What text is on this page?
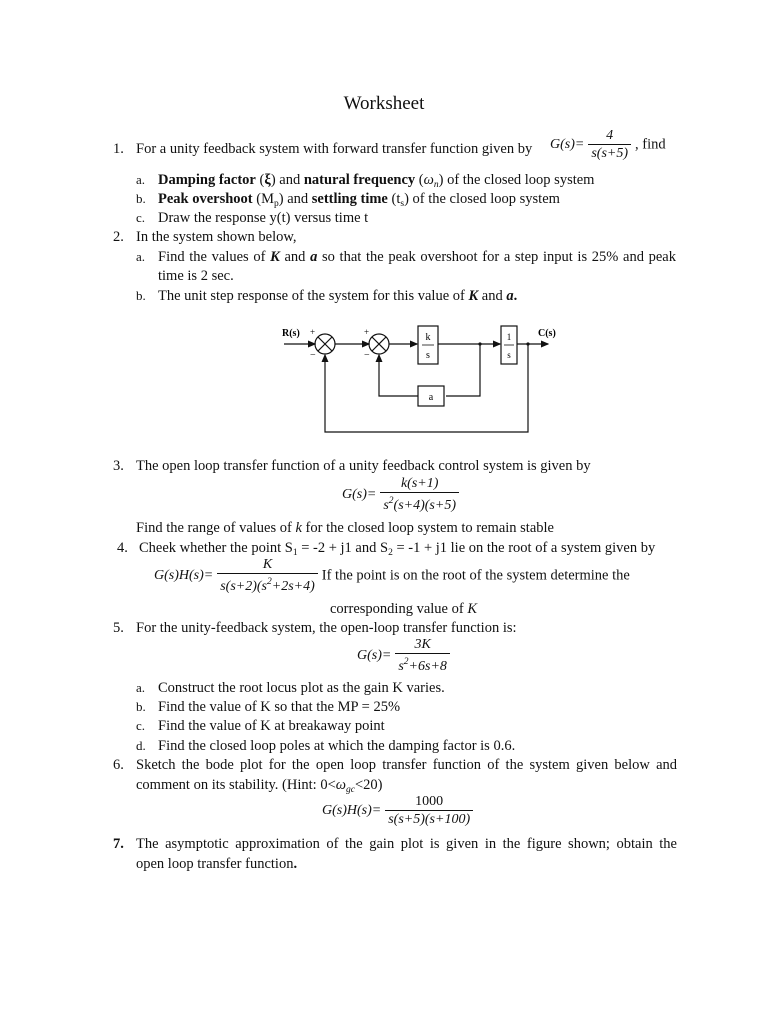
Worksheet
1. For a unity feedback system with forward transfer function given by $G(s)= \frac{4}{s(s+5)}$ , find
a. Damping factor (ξ) and natural frequency $(\omega_n)$ of the closed loop system
b. Peak overshoot $(M_p)$ and settling time $(t_s)$ of the closed loop system
c. Draw the response y(t) versus time t
2. In the system shown below,
a. Find the values of K and a so that the peak overshoot for a step input is 25% and peak
time is 2 sec.
b. The unit step response of the system for this value of K and a.
R(s)	C(s)
k
s
1
s
a
+
−
+
−
3. The open loop transfer function of a unity feedback control system is given by
$G(s)= \frac{k(s+1)}{s^2(s+4)(s+5)}$
Find the range of values of k for the closed loop system to remain stable
4. Cheek whether the point $S_1 = -2 + j1$ and $S_2 = -1 + j1$ lie on the root of a system given by
$G(s)H(s)= \frac{K}{s(s+2)(s^2+2s+4)}$ If the point is on the root of the system determine the
corresponding value of K
5. For the unity-feedback system, the open-loop transfer function is:
$G(s)= \frac{3K}{s^2+6s+8}$
a. Construct the root locus plot as the gain K varies.
b. Find the value of K so that the MP = 25%
c. Find the value of K at breakaway point
d. Find the closed loop poles at which the damping factor is 0.6.
6. Sketch the bode plot for the open loop transfer function of the system given below and
comment on its stability. (Hint: $0<\omega_{gc}<20$)
$G(s)H(s)= \frac{1000}{s(s+5)(s+100)}$
7. The asymptotic approximation of the gain plot is given in the figure shown; obtain the
open loop transfer function.
